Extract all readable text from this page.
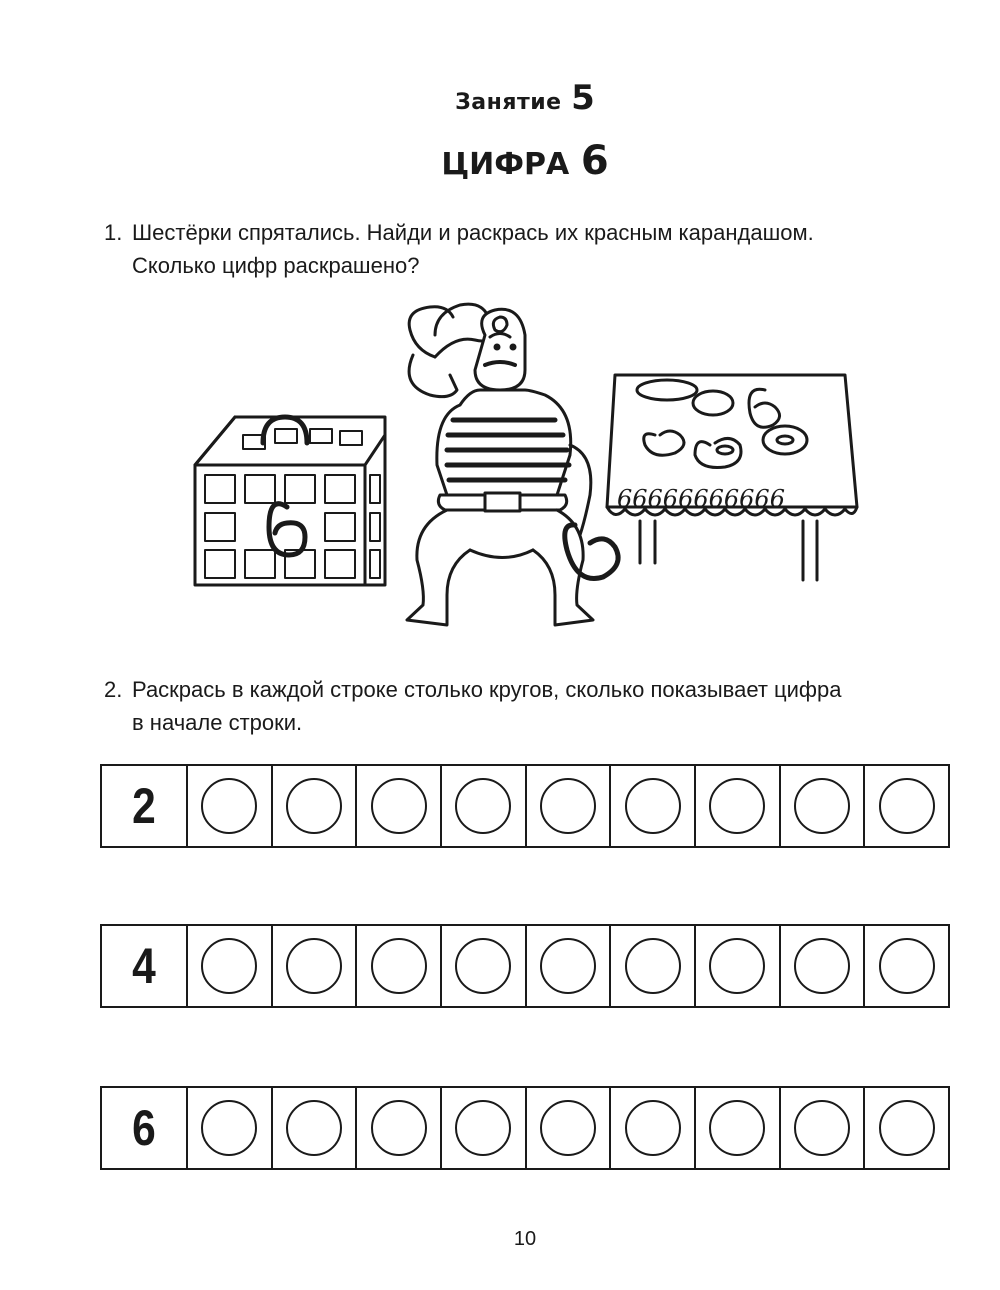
Занятие 5
ЦИФРА 6
1. Шестёрки спрятались. Найди и раскрась их красным карандашом.
Сколько цифр раскрашено?
66666666666
2. Раскрась в каждой строке столько кругов, сколько показывает цифра
в начале строки.
2
4
6
10
